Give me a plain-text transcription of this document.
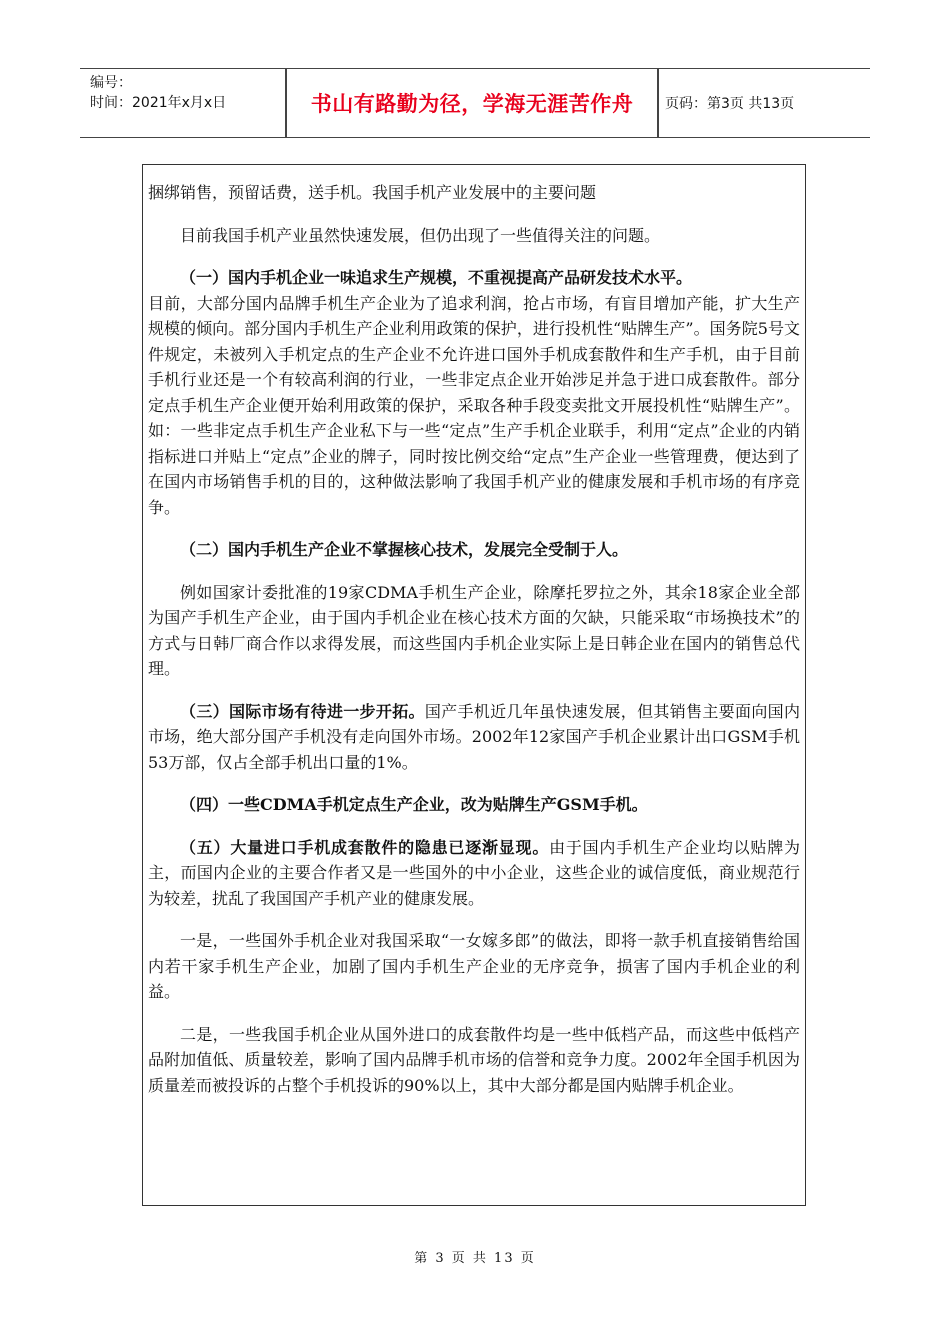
编号：
时间：2021年x月x日	书山有路勤为径，学海无涯苦作舟	页码：第3页 共13页

捆绑销售，预留话费，送手机。我国手机产业发展中的主要问题

目前我国手机产业虽然快速发展，但仍出现了一些值得关注的问题。

（一）国内手机企业一味追求生产规模，不重视提高产品研发技术水平。

目前，大部分国内品牌手机生产企业为了追求利润，抢占市场，有盲目增加产能，扩大生产规模的倾向。部分国内手机生产企业利用政策的保护，进行投机性“贴牌生产”。国务院5号文件规定，未被列入手机定点的生产企业不允许进口国外手机成套散件和生产手机，由于目前手机行业还是一个有较高利润的行业，一些非定点企业开始涉足并急于进口成套散件。部分定点手机生产企业便开始利用政策的保护，采取各种手段变卖批文开展投机性“贴牌生产”。如：一些非定点手机生产企业私下与一些“定点”生产手机企业联手，利用“定点”企业的内销指标进口并贴上“定点”企业的牌子，同时按比例交给“定点”生产企业一些管理费，便达到了在国内市场销售手机的目的，这种做法影响了我国手机产业的健康发展和手机市场的有序竞争。

（二）国内手机生产企业不掌握核心技术，发展完全受制于人。

例如国家计委批准的19家CDMA手机生产企业，除摩托罗拉之外，其余18家企业全部为国产手机生产企业，由于国内手机企业在核心技术方面的欠缺，只能采取“市场换技术”的方式与日韩厂商合作以求得发展，而这些国内手机企业实际上是日韩企业在国内的销售总代理。

（三）国际市场有待进一步开拓。国产手机近几年虽快速发展，但其销售主要面向国内市场，绝大部分国产手机没有走向国外市场。2002年12家国产手机企业累计出口GSM手机53万部，仅占全部手机出口量的1%。

（四）一些CDMA手机定点生产企业，改为贴牌生产GSM手机。

（五）大量进口手机成套散件的隐患已逐渐显现。由于国内手机生产企业均以贴牌为主，而国内企业的主要合作者又是一些国外的中小企业，这些企业的诚信度低，商业规范行为较差，扰乱了我国国产手机产业的健康发展。

一是，一些国外手机企业对我国采取“一女嫁多郎”的做法，即将一款手机直接销售给国内若干家手机生产企业，加剧了国内手机生产企业的无序竞争，损害了国内手机企业的利益。

二是，一些我国手机企业从国外进口的成套散件均是一些中低档产品，而这些中低档产品附加值低、质量较差，影响了国内品牌手机市场的信誉和竞争力度。2002年全国手机因为质量差而被投诉的占整个手机投诉的90%以上，其中大部分都是国内贴牌手机企业。

第 3 页 共 13 页
